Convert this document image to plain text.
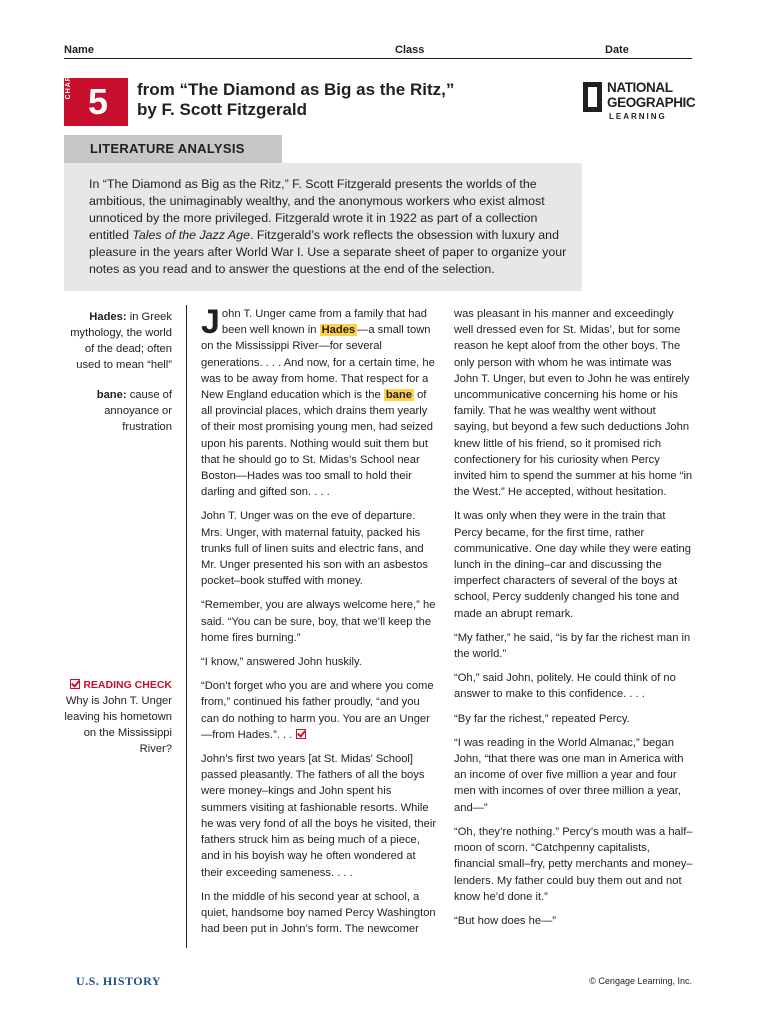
Name	Class	Date
CHAPTER
5 from “The Diamond as Big as the Ritz,”
by F. Scott Fitzgerald
NATIONAL
GEOGRAPHIC
LEARNING
LITERATURE ANALYSIS
In “The Diamond as Big as the Ritz,” F. Scott Fitzgerald presents the worlds of the ambitious, the unimaginably wealthy, and the anonymous workers who exist almost unnoticed by the more privileged. Fitzgerald wrote it in 1922 as part of a collection entitled Tales of the Jazz Age. Fitzgerald’s work reflects the obsession with luxury and pleasure in the years after World War I. Use a separate sheet of paper to organize your notes as you read and to answer the questions at the end of the selection.
Hades: in Greek mythology, the world of the dead; often used to mean “hell”
bane: cause of annoyance or frustration
READING CHECK
Why is John T. Unger leaving his hometown on the Mississippi River?

John T. Unger came from a family that had been well known in Hades —a small town on the Mississippi River—for several generations. . . . And now, for a certain time, he was to be away from home. That respect for a New England education which is the bane of all provincial places, which drains them yearly of their most promising young men, had seized upon his parents. Nothing would suit them but that he should go to St. Midas’s School near Boston—Hades was too small to hold their darling and gifted son. . . .

John T. Unger was on the eve of departure. Mrs. Unger, with maternal fatuity, packed his trunks full of linen suits and electric fans, and Mr. Unger presented his son with an asbestos pocket–book stuffed with money.

“Remember, you are always welcome here,” he said. “You can be sure, boy, that we’ll keep the home fires burning.”

“I know,” answered John huskily.

“Don’t forget who you are and where you come from,” continued his father proudly, “and you can do nothing to harm you. You are an Unger—from Hades.”. . .

John’s first two years [at St. Midas’ School] passed pleasantly. The fathers of all the boys were money–kings and John spent his summers visiting at fashionable resorts. While he was very fond of all the boys he visited, their fathers struck him as being much of a piece, and in his boyish way he often wondered at their exceeding sameness. . . .

In the middle of his second year at school, a quiet, handsome boy named Percy Washington had been put in John’s form. The newcomer

was pleasant in his manner and exceedingly well dressed even for St. Midas’, but for some reason he kept aloof from the other boys. The only person with whom he was intimate was John T. Unger, but even to John he was entirely uncommunicative concerning his home or his family. That he was wealthy went without saying, but beyond a few such deductions John knew little of his friend, so it promised rich confectionery for his curiosity when Percy invited him to spend the summer at his home “in the West.” He accepted, without hesitation.

It was only when they were in the train that Percy became, for the first time, rather communicative. One day while they were eating lunch in the dining–car and discussing the imperfect characters of several of the boys at school, Percy suddenly changed his tone and made an abrupt remark.

“My father,” he said, “is by far the richest man in the world.”

“Oh,” said John, politely. He could think of no answer to make to this confidence. . . .

“By far the richest,” repeated Percy.

“I was reading in the World Almanac,” began John, “that there was one man in America with an income of over five million a year and four men with incomes of over three million a year, and—”

“Oh, they’re nothing.” Percy’s mouth was a half–moon of scorn. “Catchpenny capitalists, financial small–fry, petty merchants and money–lenders. My father could buy them out and not know he’d done it.”

“But how does he—”

U.S. HISTORY	© Cengage Learning, Inc.
